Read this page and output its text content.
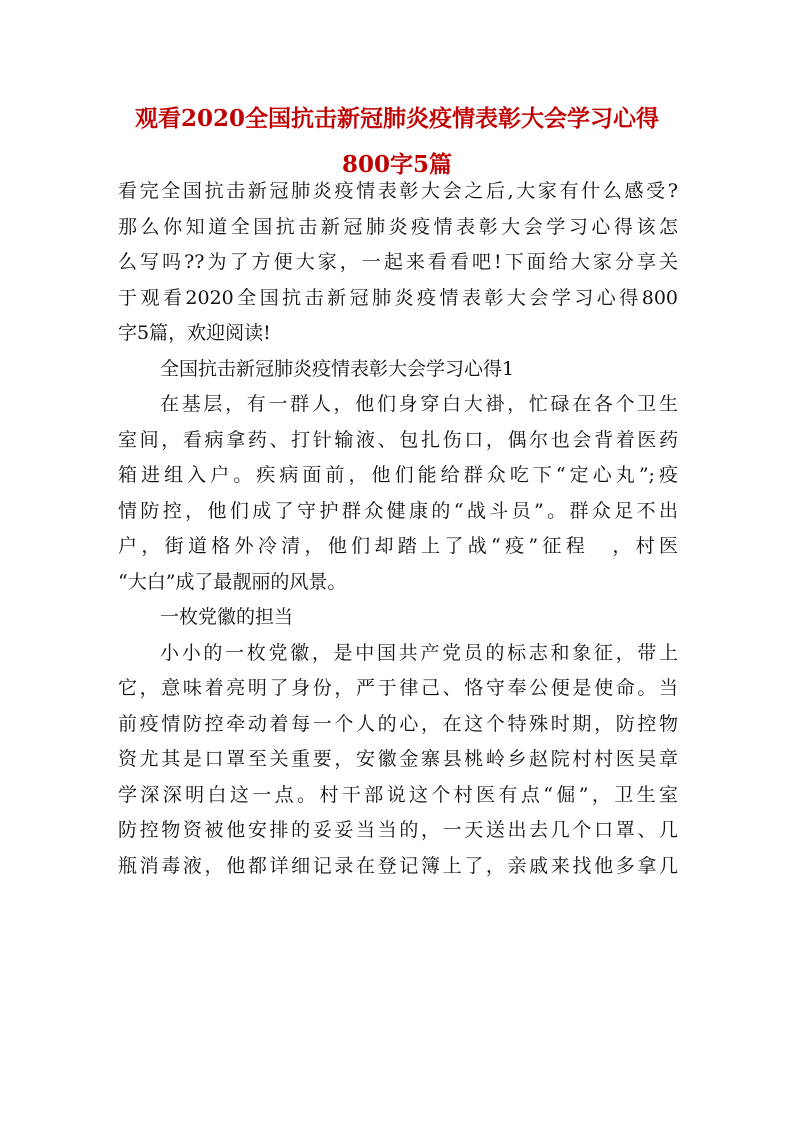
观看2020全国抗击新冠肺炎疫情表彰大会学习心得
800字5篇
看完全国抗击新冠肺炎疫情表彰大会之后,大家有什么感受?
那么你知道全国抗击新冠肺炎疫情表彰大会学习心得该怎
么写吗??为了方便大家，一起来看看吧!下面给大家分享关
于观看2020全国抗击新冠肺炎疫情表彰大会学习心得800
字5篇，欢迎阅读!
全国抗击新冠肺炎疫情表彰大会学习心得1
在基层，有一群人，他们身穿白大褂，忙碌在各个卫生
室间，看病拿药、打针输液、包扎伤口，偶尔也会背着医药
箱进组入户。疾病面前，他们能给群众吃下“定心丸”;疫
情防控，他们成了守护群众健康的“战斗员”。群众足不出
户，街道格外冷清，他们却踏上了战“疫”征程　，村医
“大白”成了最靓丽的风景。
一枚党徽的担当
小小的一枚党徽，是中国共产党员的标志和象征，带上
它，意味着亮明了身份，严于律己、恪守奉公便是使命。当
前疫情防控牵动着每一个人的心，在这个特殊时期，防控物
资尤其是口罩至关重要，安徽金寨县桃岭乡赵院村村医吴章
学深深明白这一点。村干部说这个村医有点“倔”，卫生室
防控物资被他安排的妥妥当当的，一天送出去几个口罩、几
瓶消毒液，他都详细记录在登记簿上了，亲戚来找他多拿几
